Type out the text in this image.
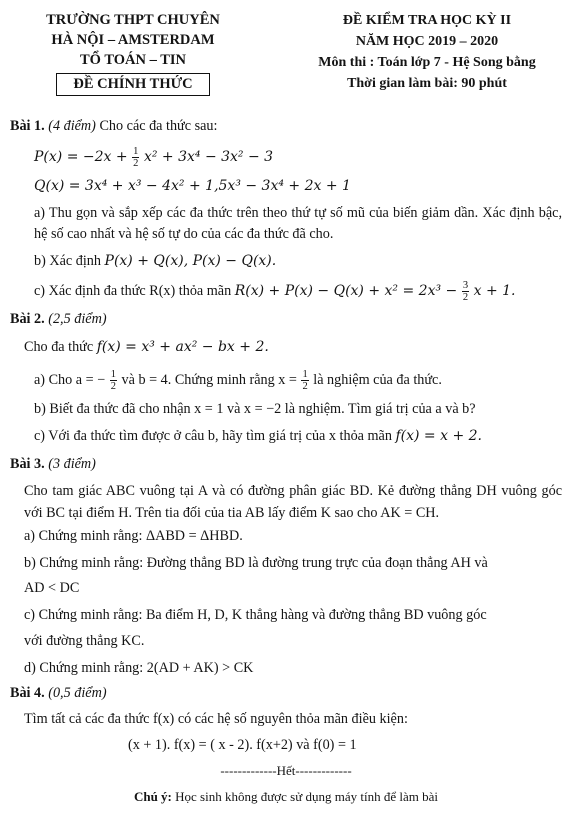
TRƯỜNG THPT CHUYÊN
HÀ NỘI – AMSTERDAM
TỔ TOÁN – TIN
ĐỀ CHÍNH THỨC
ĐỀ KIỂM TRA HỌC KỲ II
NĂM HỌC 2019 – 2020
Môn thi : Toán lớp 7 - Hệ Song bằng
Thời gian làm bài: 90 phút
Bài 1. (4 điểm) Cho các đa thức sau:
$P(x) = -2x + \frac{1}{2} x^2 + 3x^4 - 3x^2 - 3$
Q(x) = 3x⁴ + x³ − 4x² + 1,5x³ − 3x⁴ + 2x + 1
a) Thu gọn và sắp xếp các đa thức trên theo thứ tự số mũ của biến giảm dần. Xác định bậc, hệ số cao nhất và hệ số tự do của các đa thức đã cho.
b) Xác định P(x) + Q(x), P(x) − Q(x).
c) Xác định đa thức R(x) thỏa mãn $R(x) + P(x) - Q(x) + x^2 = 2x^3 - \frac{3}{2}$ x + 1.
Bài 2. (2,5 điểm)
Cho đa thức f(x) = x³ + ax² − bx + 2.
a) Cho a = − $\frac{1}{2}$ và b = 4. Chứng minh rằng $x = \frac{1}{2}$ là nghiệm của đa thức.
b) Biết đa thức đã cho nhận x = 1 và x = −2 là nghiệm. Tìm giá trị của a và b?
c) Với đa thức tìm được ở câu b, hãy tìm giá trị của x thỏa mãn f(x) = x + 2.
Bài 3. (3 điểm)
Cho tam giác ABC vuông tại A và có đường phân giác BD. Kẻ đường thẳng DH vuông góc với BC tại điểm H. Trên tia đối của tia AB lấy điểm K sao cho AK = CH.
a) Chứng minh rằng: ΔABD = ΔHBD.
b) Chứng minh rằng: Đường thẳng BD là đường trung trực của đoạn thẳng AH và
AD < DC
c) Chứng minh rằng: Ba điểm H, D, K thẳng hàng và đường thẳng BD vuông góc
với đường thẳng KC.
d) Chứng minh rằng: 2(AD + AK) > CK
Bài 4. (0,5 điểm)
Tìm tất cả các đa thức f(x) có các hệ số nguyên thỏa mãn điều kiện:
(x + 1). f(x) = ( x - 2). f(x+2) và f(0) = 1
-------------Hết-------------
Chú ý: Học sinh không được sử dụng máy tính để làm bài
